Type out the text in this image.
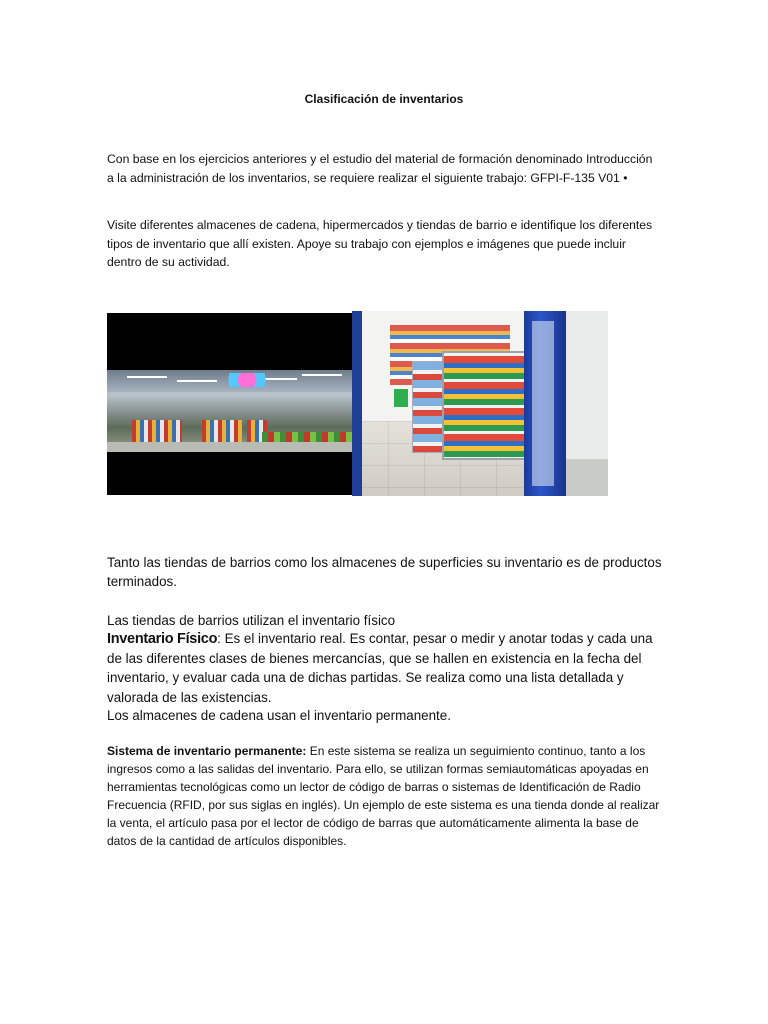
Clasificación de inventarios

Con base en los ejercicios anteriores y el estudio del material de formación denominado Introducción a la administración de los inventarios, se requiere realizar el siguiente trabajo: GFPI-F-135 V01 •

Visite diferentes almacenes de cadena, hipermercados y tiendas de barrio e identifique los diferentes tipos de inventario que allí existen. Apoye su trabajo con ejemplos e imágenes que puede incluir dentro de su actividad.

Tanto las tiendas de barrios como los almacenes de superficies su inventario es de productos terminados.

Las tiendas de barrios utilizan el inventario físico

Inventario Físico: Es el inventario real. Es contar, pesar o medir y anotar todas y cada una de las diferentes clases de bienes mercancías, que se hallen en existencia en la fecha del inventario, y evaluar cada una de dichas partidas. Se realiza como una lista detallada y valorada de las existencias.

Los almacenes de cadena usan el inventario permanente.

Sistema de inventario permanente: En este sistema se realiza un seguimiento continuo, tanto a los ingresos como a las salidas del inventario. Para ello, se utilizan formas semiautomáticas apoyadas en herramientas tecnológicas como un lector de código de barras o sistemas de Identificación de Radio Frecuencia (RFID, por sus siglas en inglés). Un ejemplo de este sistema es una tienda donde al realizar la venta, el artículo pasa por el lector de código de barras que automáticamente alimenta la base de datos de la cantidad de artículos disponibles.
